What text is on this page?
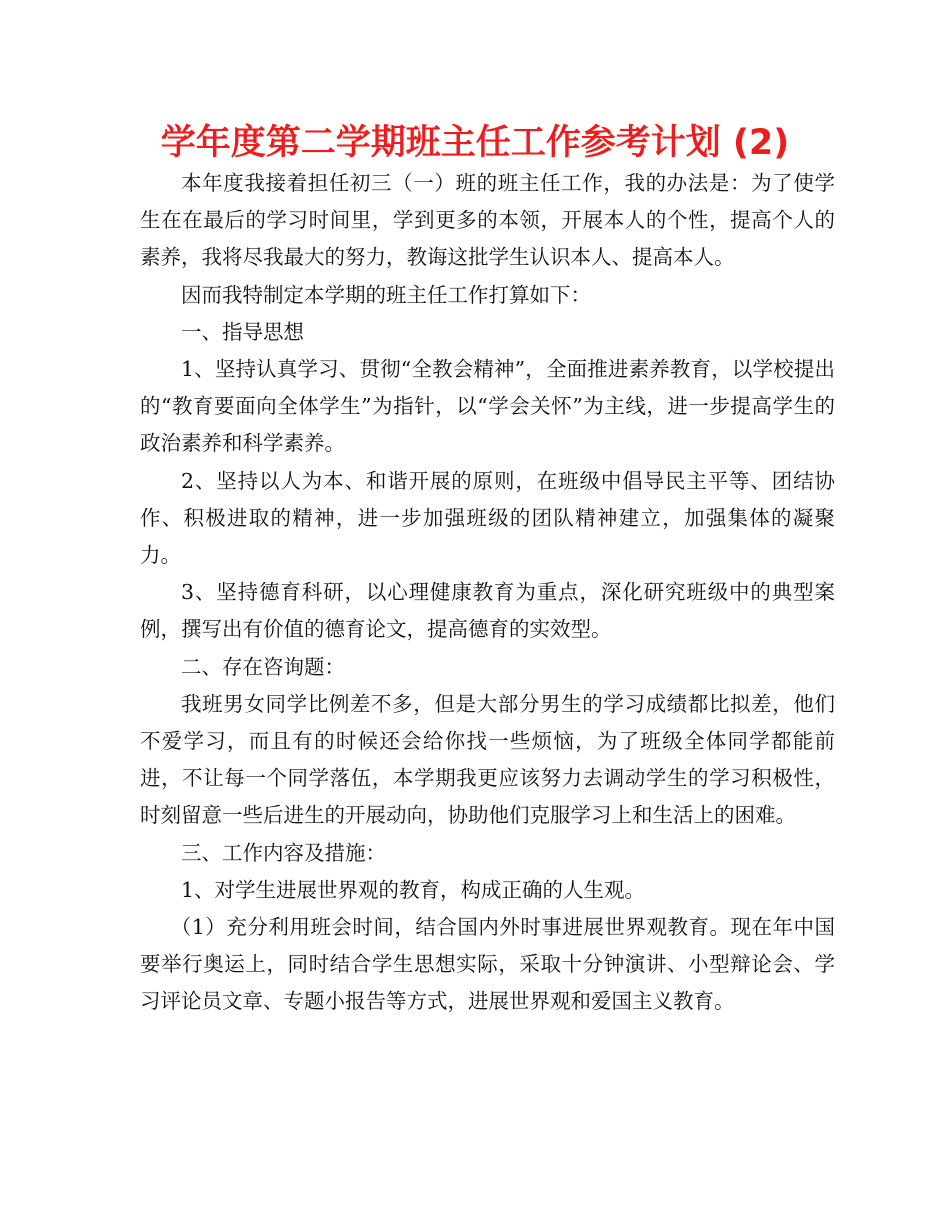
学年度第二学期班主任工作参考计划 (2)

本年度我接着担任初三（一）班的班主任工作，我的办法是：为了使学生在在最后的学习时间里，学到更多的本领，开展本人的个性，提高个人的素养，我将尽我最大的努力，教诲这批学生认识本人、提高本人。

因而我特制定本学期的班主任工作打算如下：

一、指导思想

1、坚持认真学习、贯彻“全教会精神”，全面推进素养教育，以学校提出的“教育要面向全体学生”为指针，以“学会关怀”为主线，进一步提高学生的政治素养和科学素养。

2、坚持以人为本、和谐开展的原则，在班级中倡导民主平等、团结协作、积极进取的精神，进一步加强班级的团队精神建立，加强集体的凝聚力。

3、坚持德育科研，以心理健康教育为重点，深化研究班级中的典型案例，撰写出有价值的德育论文，提高德育的实效型。

二、存在咨询题：

我班男女同学比例差不多，但是大部分男生的学习成绩都比拟差，他们不爱学习，而且有的时候还会给你找一些烦恼，为了班级全体同学都能前进，不让每一个同学落伍，本学期我更应该努力去调动学生的学习积极性，时刻留意一些后进生的开展动向，协助他们克服学习上和生活上的困难。

三、工作内容及措施：

1、对学生进展世界观的教育，构成正确的人生观。

（1）充分利用班会时间，结合国内外时事进展世界观教育。现在年中国要举行奥运上，同时结合学生思想实际，采取十分钟演讲、小型辩论会、学习评论员文章、专题小报告等方式，进展世界观和爱国主义教育。
